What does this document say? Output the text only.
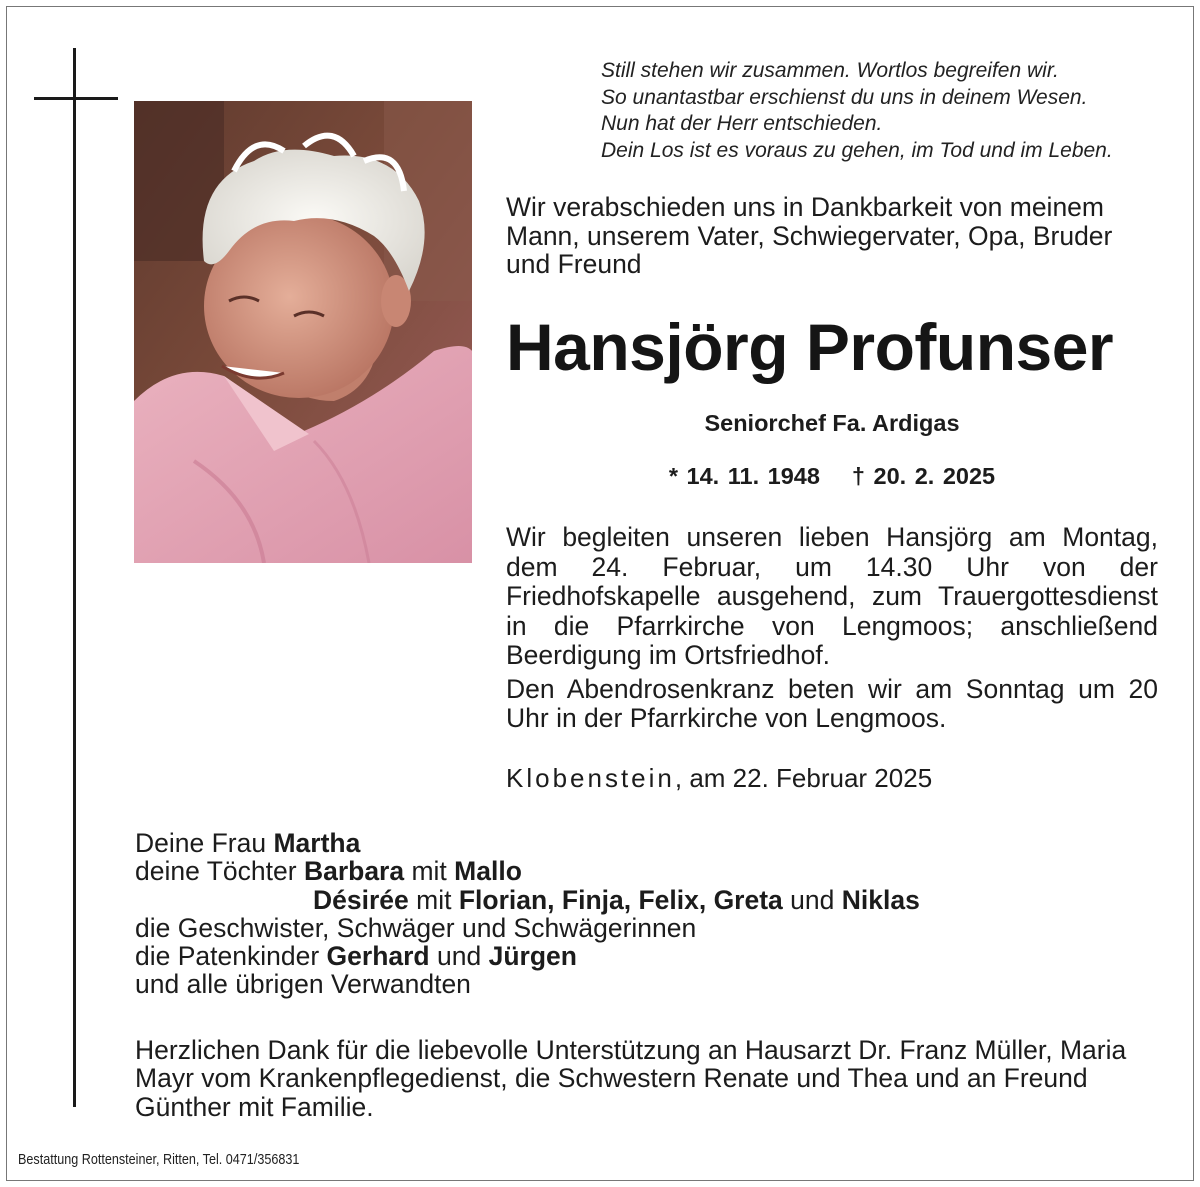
Still stehen wir zusammen. Wortlos begreifen wir.
So unantastbar erschienst du uns in deinem Wesen.
Nun hat der Herr entschieden.
Dein Los ist es voraus zu gehen, im Tod und im Leben.
Wir verabschieden uns in Dankbarkeit von meinem Mann, unserem Vater, Schwiegervater, Opa, Bruder und Freund
Hansjörg Profunser
Seniorchef Fa. Ardigas
* 14. 11. 1948 † 20. 2. 2025

Wir begleiten unseren lieben Hansjörg am Montag, dem 24. Februar, um 14.30 Uhr von der Friedhofskapelle ausgehend, zum Trauergottesdienst in die Pfarrkirche von Lengmoos; anschließend Beerdigung im Ortsfriedhof.

Den Abendrosenkranz beten wir am Sonntag um 20 Uhr in der Pfarrkirche von Lengmoos.

Klobenstein, am 22. Februar 2025
Deine Frau Martha
deine Töchter Barbara mit Mallo
Désirée mit Florian, Finja, Felix, Greta und Niklas
die Geschwister, Schwäger und Schwägerinnen
die Patenkinder Gerhard und Jürgen
und alle übrigen Verwandten
Herzlichen Dank für die liebevolle Unterstützung an Hausarzt Dr. Franz Müller, Maria Mayr vom Krankenpflegedienst, die Schwestern Renate und Thea und an Freund Günther mit Familie.
Bestattung Rottensteiner, Ritten, Tel. 0471/356831
